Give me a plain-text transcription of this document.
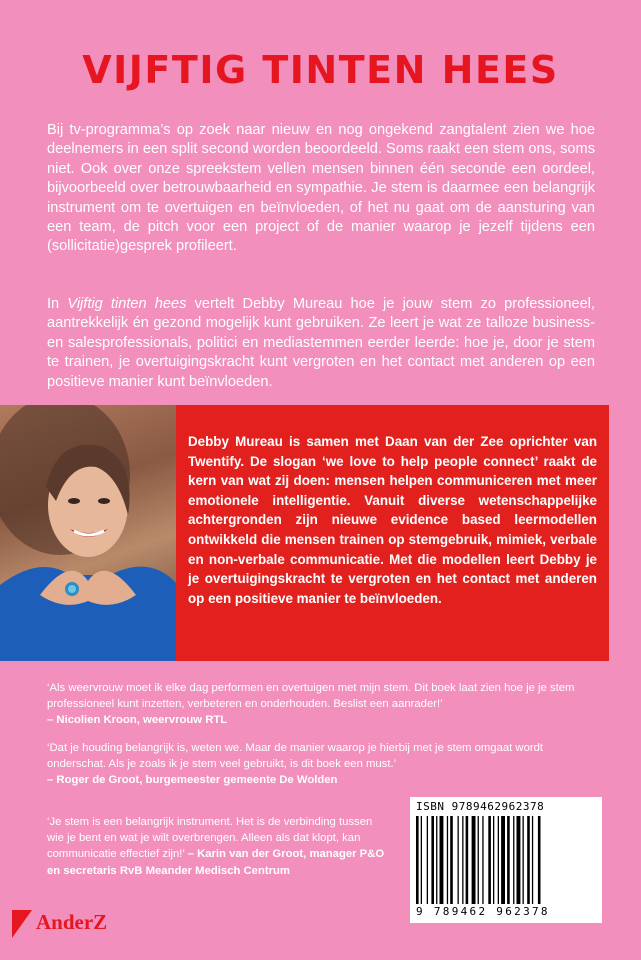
VIJFTIG TINTEN HEES

Bij tv-programma’s op zoek naar nieuw en nog ongekend zangtalent zien we hoe deelnemers in een split second worden beoordeeld. Soms raakt een stem ons, soms niet. Ook over onze spreekstem vellen mensen binnen één seconde een oordeel, bijvoorbeeld over betrouwbaarheid en sympathie. Je stem is daarmee een belangrijk instrument om te overtuigen en beïnvloeden, of het nu gaat om de aansturing van een team, de pitch voor een project of de manier waarop je jezelf tijdens een (sollicitatie)gesprek profileert.

In Vijftig tinten hees vertelt Debby Mureau hoe je jouw stem zo professioneel, aantrekkelijk én gezond mogelijk kunt gebruiken. Ze leert je wat ze talloze business- en salesprofessionals, politici en mediastemmen eerder leerde: hoe je, door je stem te trainen, je overtuigingskracht kunt vergroten en het contact met anderen op een positieve manier kunt beïnvloeden.

Debby Mureau is samen met Daan van der Zee oprichter van Twentify. De slogan ‘we love to help people connect’ raakt de kern van wat zij doen: mensen helpen communiceren met meer emotionele intelligentie. Vanuit diverse wetenschappelijke achtergronden zijn nieuwe evidence based leermodellen ontwikkeld die mensen trainen op stemgebruik, mimiek, verbale en non-verbale communicatie. Met die modellen leert Debby je je overtuigingskracht te vergroten en het contact met anderen op een positieve manier te beïnvloeden.

‘Als weervrouw moet ik elke dag performen en overtuigen met mijn stem. Dit boek laat zien hoe je je stem professioneel kunt inzetten, verbeteren en onderhouden. Beslist een aanrader!’
– Nicolien Kroon, weervrouw RTL

‘Dat je houding belangrijk is, weten we. Maar de manier waarop je hierbij met je stem omgaat wordt onderschat. Als je zoals ik je stem veel gebruikt, is dit boek een must.’
– Roger de Groot, burgemeester gemeente De Wolden

‘Je stem is een belangrijk instrument. Het is de verbinding tussen wie je bent en wat je wilt overbrengen. Alleen als dat klopt, kan communicatie effectief zijn!’ – Karin van der Groot, manager P&O en secretaris RvB Meander Medisch Centrum

ISBN 9789462962378
9 789462 962378
AnderZ
